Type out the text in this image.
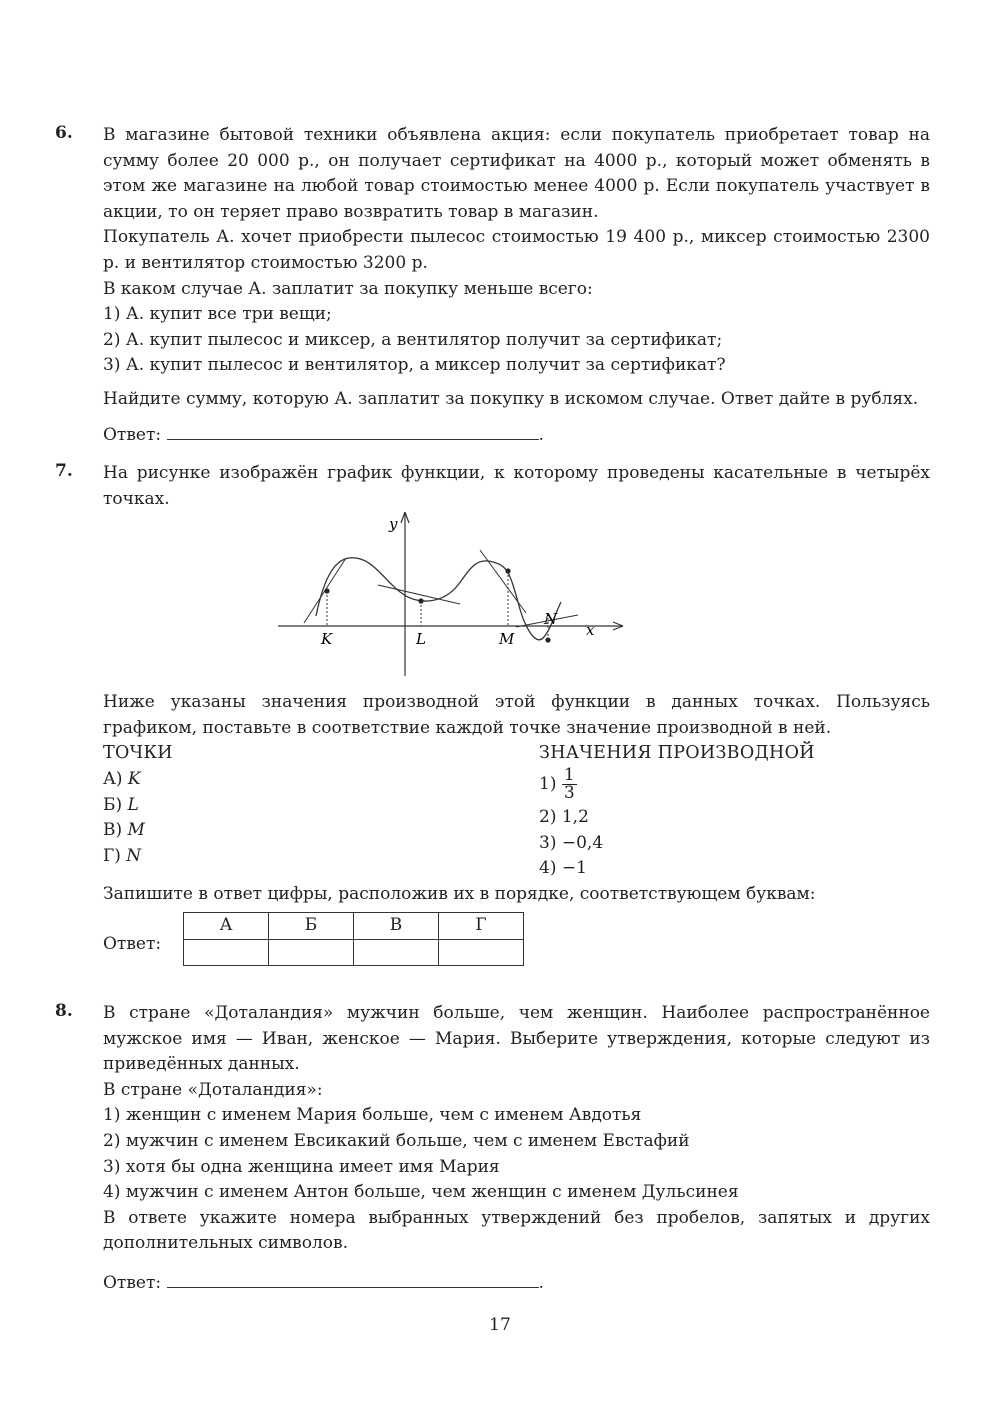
6. В магазине бытовой техники объявлена акция: если покупатель приобретает товар на сумму более 20 000 р., он получает сертификат на 4000 р., который может обменять в этом же магазине на любой товар стоимостью менее 4000 р. Если покупатель участвует в акции, то он теряет право возвратить товар в магазин.

Покупатель А. хочет приобрести пылесос стоимостью 19 400 р., миксер стоимостью 2300 р. и вентилятор стоимостью 3200 р.

В каком случае А. заплатит за покупку меньше всего:

1) А. купит все три вещи;

2) А. купит пылесос и миксер, а вентилятор получит за сертификат;

3) А. купит пылесос и вентилятор, а миксер получит за сертификат?

Найдите сумму, которую А. заплатит за покупку в искомом случае. Ответ дайте в рублях.

Ответ:	.

7. На рисунке изображён график функции, к которому проведены касательные в четырёх точках.

y
x
K	L	M
N

Ниже указаны значения производной этой функции в данных точках. Пользуясь графиком, поставьте в соответствие каждой точке значение производной в ней.

ТОЧКИ
А) K
Б) L
В) M
Г) N
ЗНАЧЕНИЯ ПРОИЗВОДНОЙ
$1) \frac{1}{3}$
2) 1,2
3) −0,4
4) −1

Запишите в ответ цифры, расположив их в порядке, соответствующем буквам:

Ответ:
А	Б	В	Г

8. В стране «Доталандия» мужчин больше, чем женщин. Наиболее распространённое мужское имя — Иван, женское — Мария. Выберите утверждения, которые следуют из приведённых данных.

В стране «Доталандия»:

1) женщин с именем Мария больше, чем с именем Авдотья

2) мужчин с именем Евсикакий больше, чем с именем Евстафий

3) хотя бы одна женщина имеет имя Мария

4) мужчин с именем Антон больше, чем женщин с именем Дульсинея

В ответе укажите номера выбранных утверждений без пробелов, запятых и других дополнительных символов.

Ответ:	.

17
